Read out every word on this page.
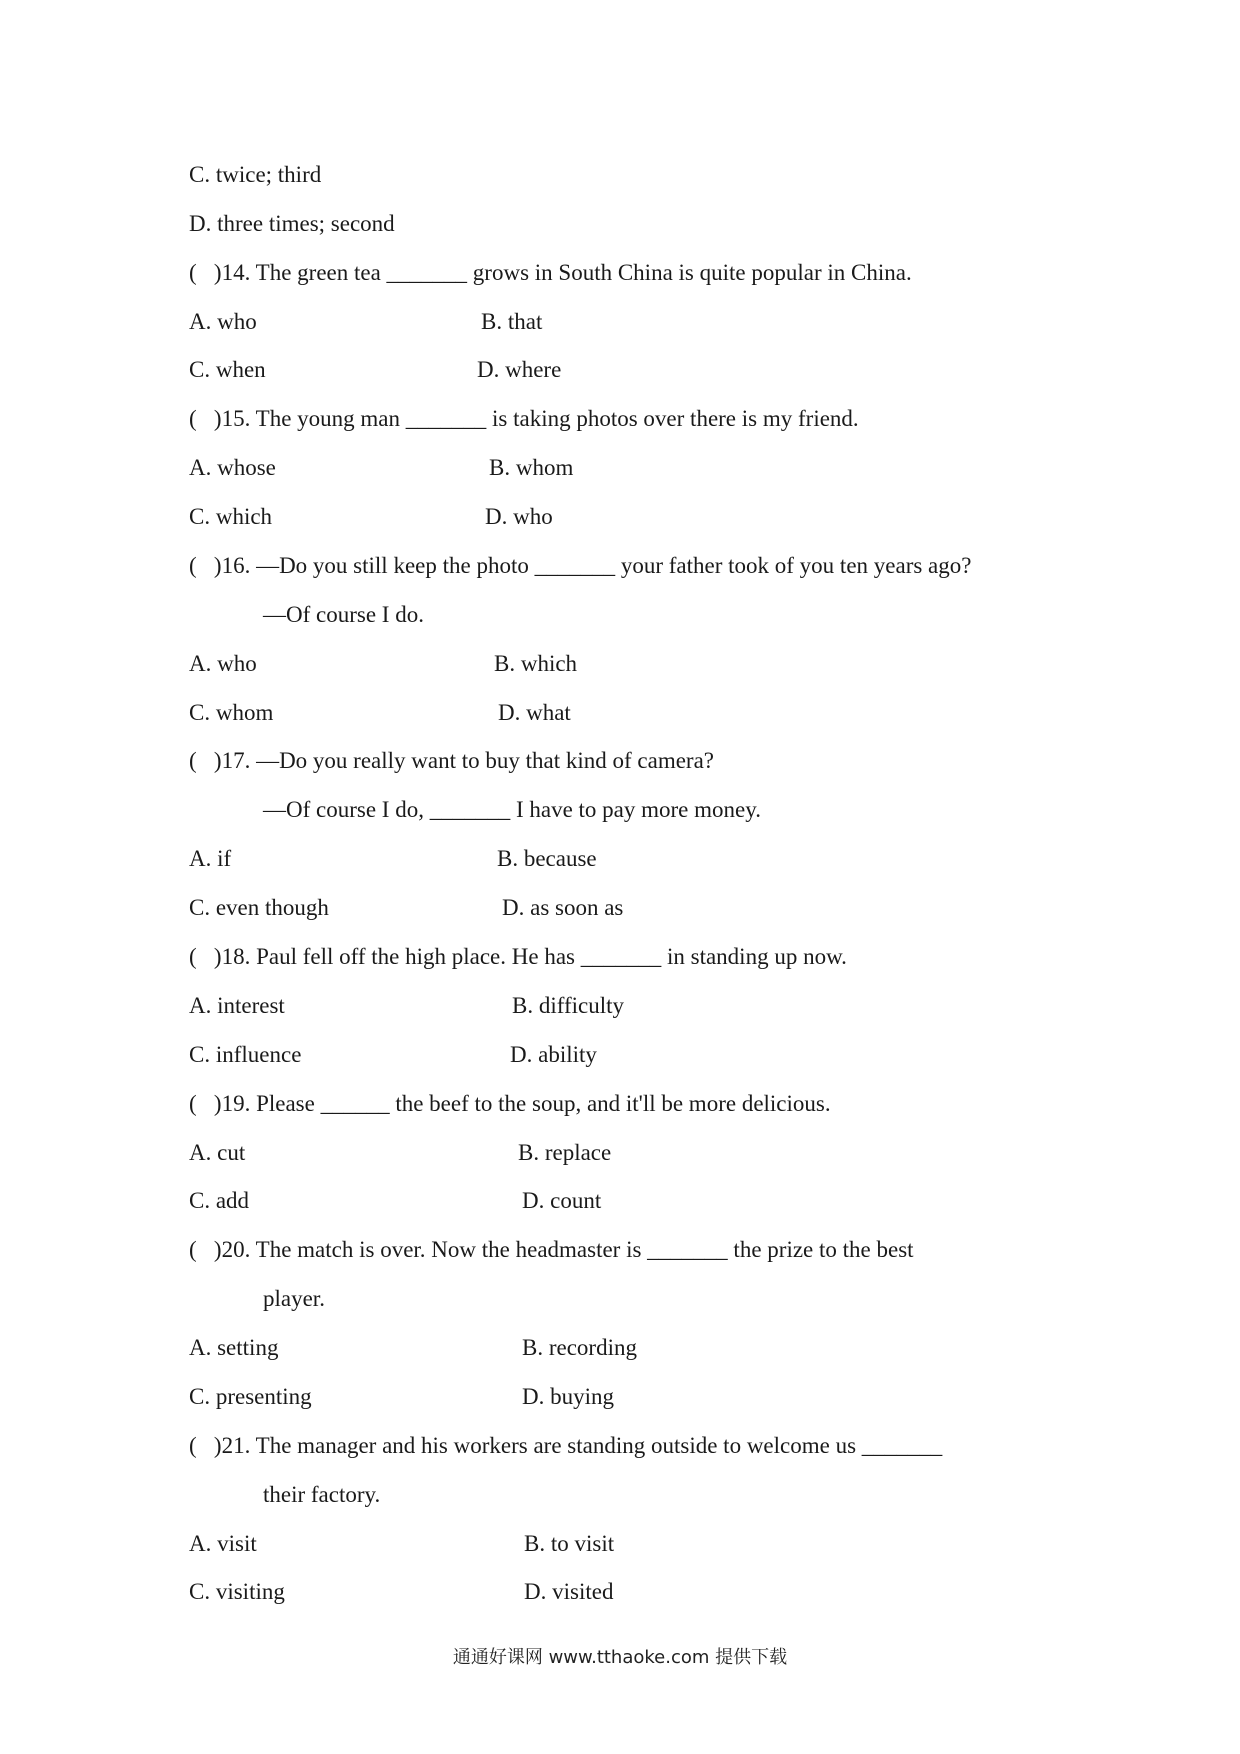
C. twice; third
D. three times; second
(   )14. The green tea _______ grows in South China is quite popular in China.
A. who	B. that
C. when	D. where
(   )15. The young man _______ is taking photos over there is my friend.
A. whose	B. whom
C. which	D. who
(   )16. —Do you still keep the photo _______ your father took of you ten years ago?
—Of course I do.
A. who	B. which
C. whom	D. what
(   )17. —Do you really want to buy that kind of camera?
—Of course I do, _______ I have to pay more money.
A. if	B. because
C. even though	D. as soon as
(   )18. Paul fell off the high place. He has _______ in standing up now.
A. interest	B. difficulty
C. influence	D. ability
(   )19. Please ______ the beef to the soup, and it'll be more delicious.
A. cut	B. replace
C. add	D. count
(   )20. The match is over. Now the headmaster is _______ the prize to the best
player.
A. setting	B. recording
C. presenting	D. buying
(   )21. The manager and his workers are standing outside to welcome us _______
their factory.
A. visit	B. to visit
C. visiting	D. visited
通通好课网 www.tthaoke.com 提供下载
